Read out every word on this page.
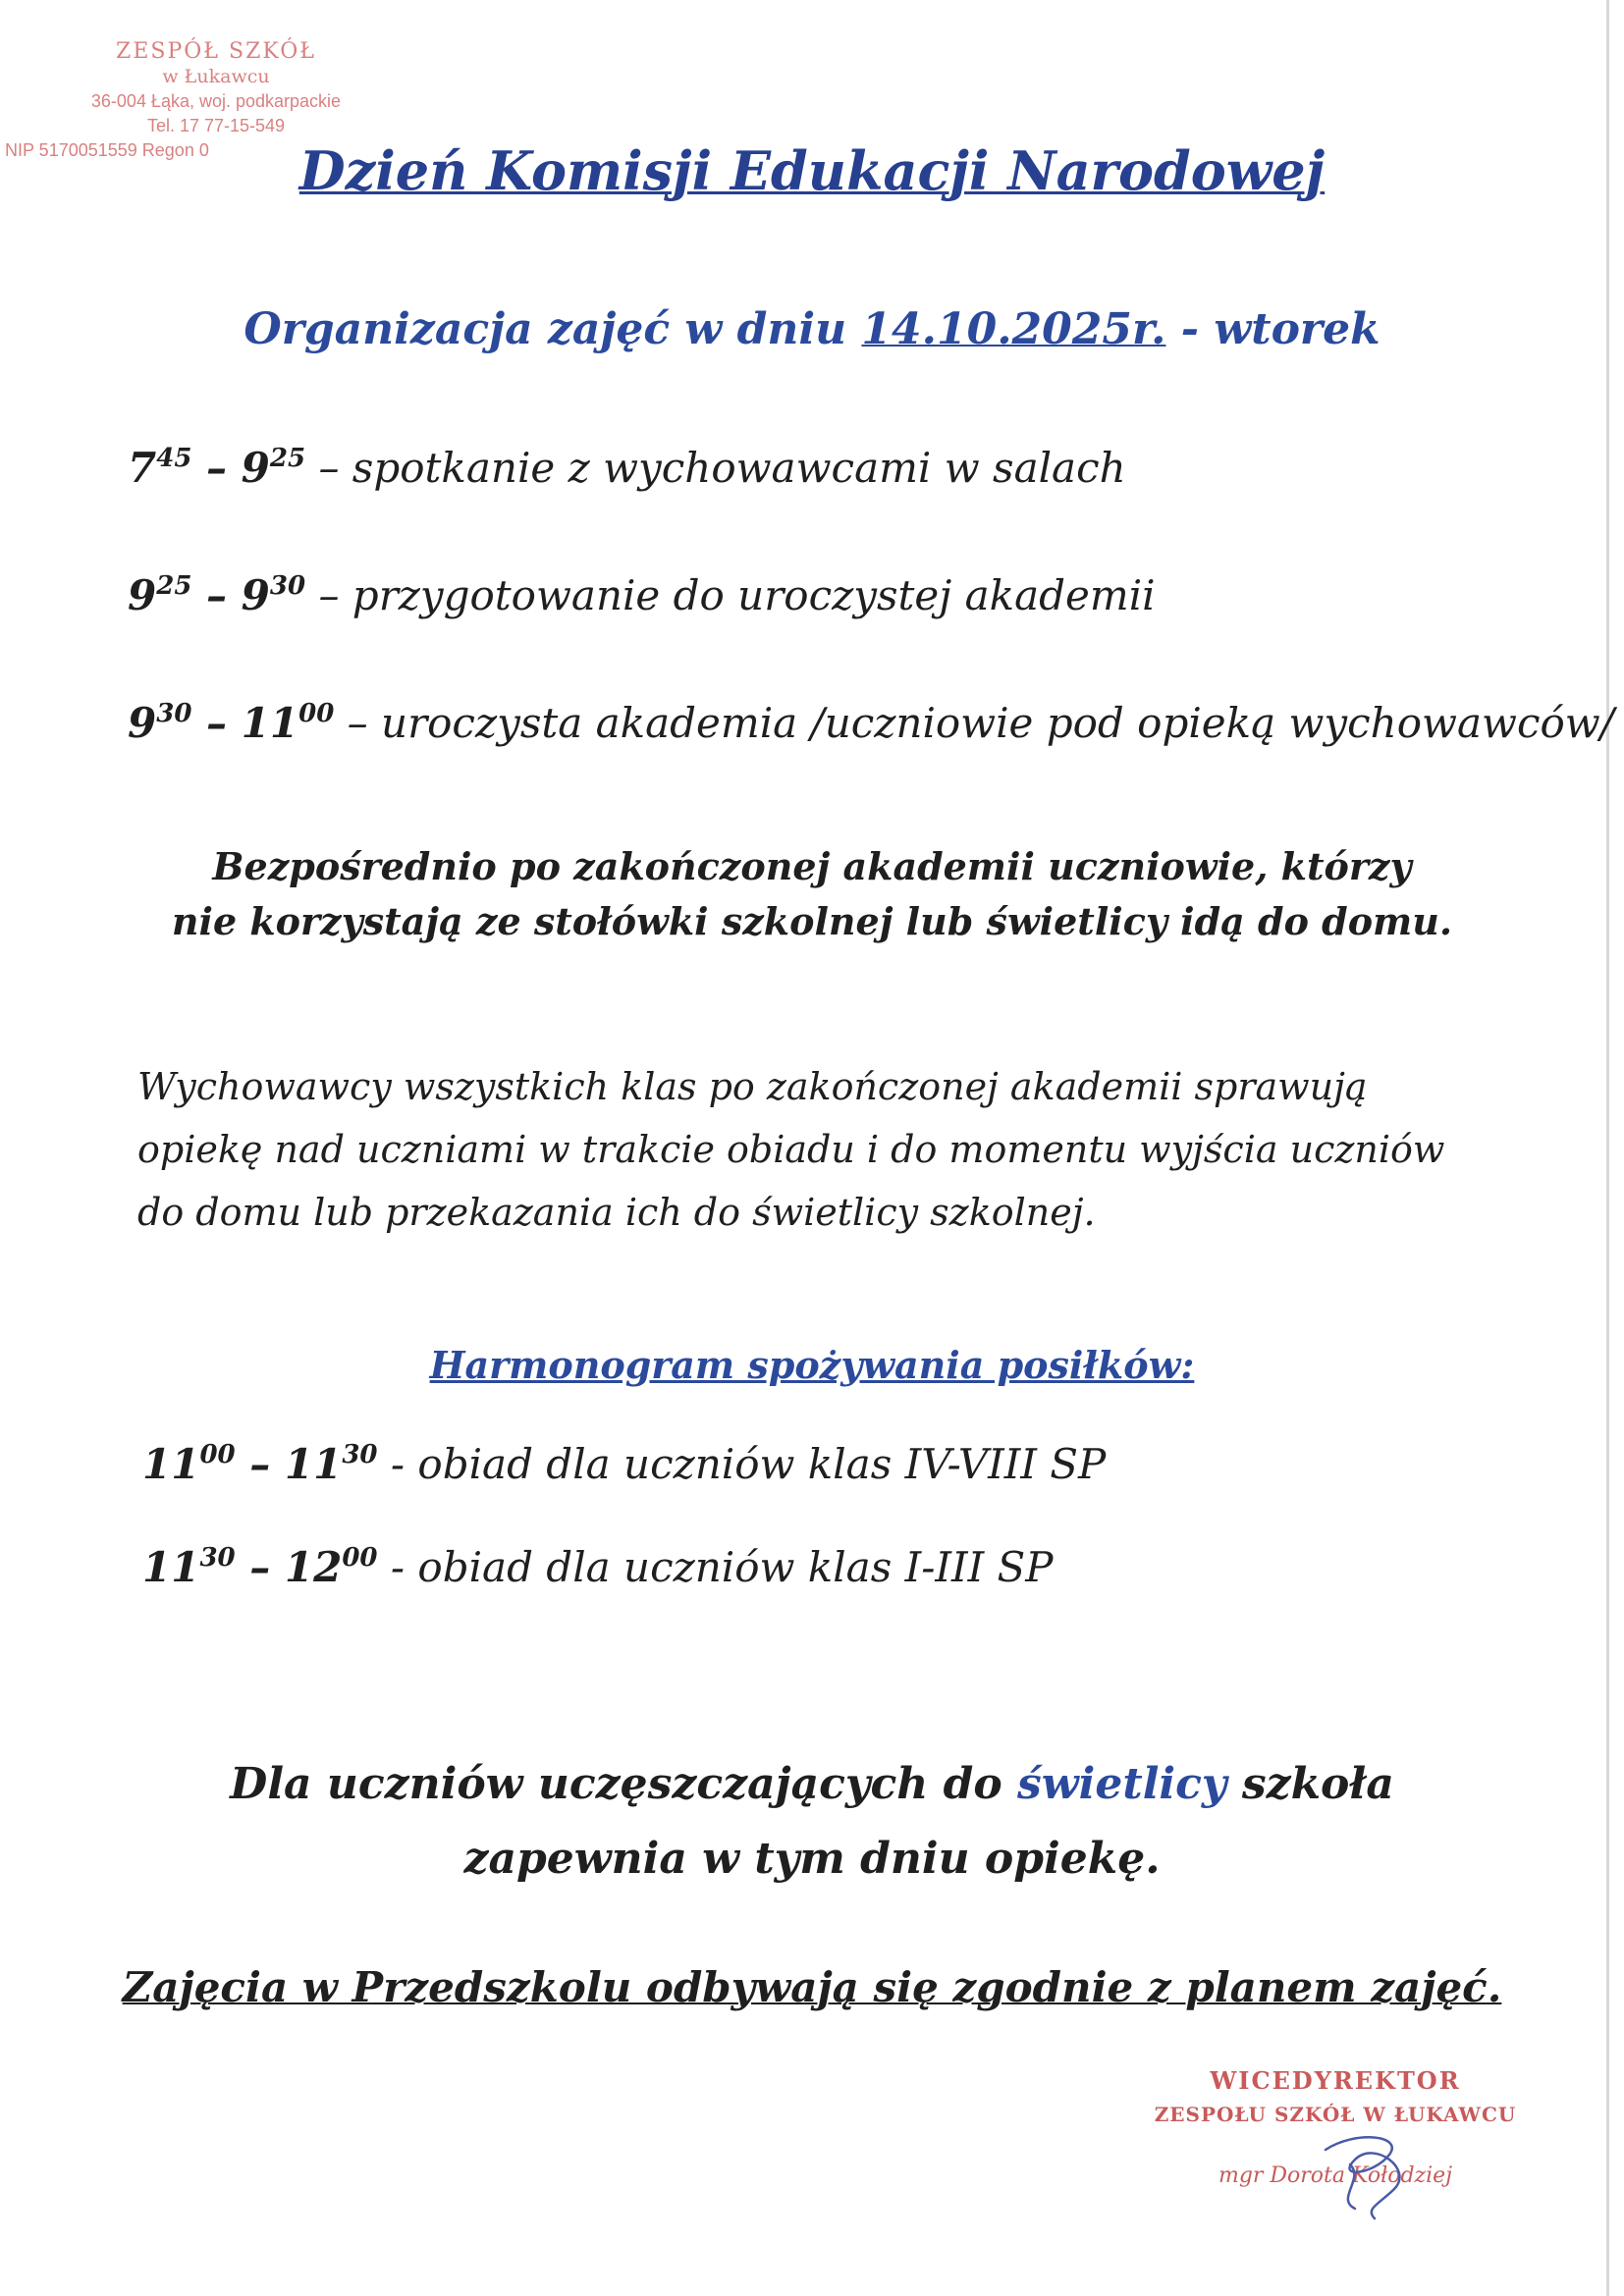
ZESPÓŁ SZKÓŁ
w Łukawcu
36-004 Łąka, woj. podkarpackie
Tel. 17 77-15-549
NIP 5170051559 Regon 0	Dzień Komisji Edukacji Narodowej
Organizacja zajęć w dniu 14.10.2025r. - wtorek
$7^{45} - 9^{25}$ – spotkanie z wychowawcami w salach
$9^{25} - 9^{30}$ – przygotowanie do uroczystej akademii
$9^{30} - 11^{00}$ – uroczysta akademia /uczniowie pod opieką wychowawców/
Bezpośrednio po zakończonej akademii uczniowie, którzy
nie korzystają ze stołówki szkolnej lub świetlicy idą do domu.
Wychowawcy wszystkich klas po zakończonej akademii sprawują
opiekę nad uczniami w trakcie obiadu i do momentu wyjścia uczniów
do domu lub przekazania ich do świetlicy szkolnej.
Harmonogram spożywania posiłków:
$11^{00} - 11^{30}$ - obiad dla uczniów klas IV-VIII SP
$11^{30} - 12^{00}$ - obiad dla uczniów klas I-III SP
Dla uczniów uczęszczających do świetlicy szkoła
zapewnia w tym dniu opiekę.
Zajęcia w Przedszkolu odbywają się zgodnie z planem zajęć.
WICEDYREKTOR
ZESPOŁU SZKÓŁ W ŁUKAWCU
mgr Dorota Kołodziej
